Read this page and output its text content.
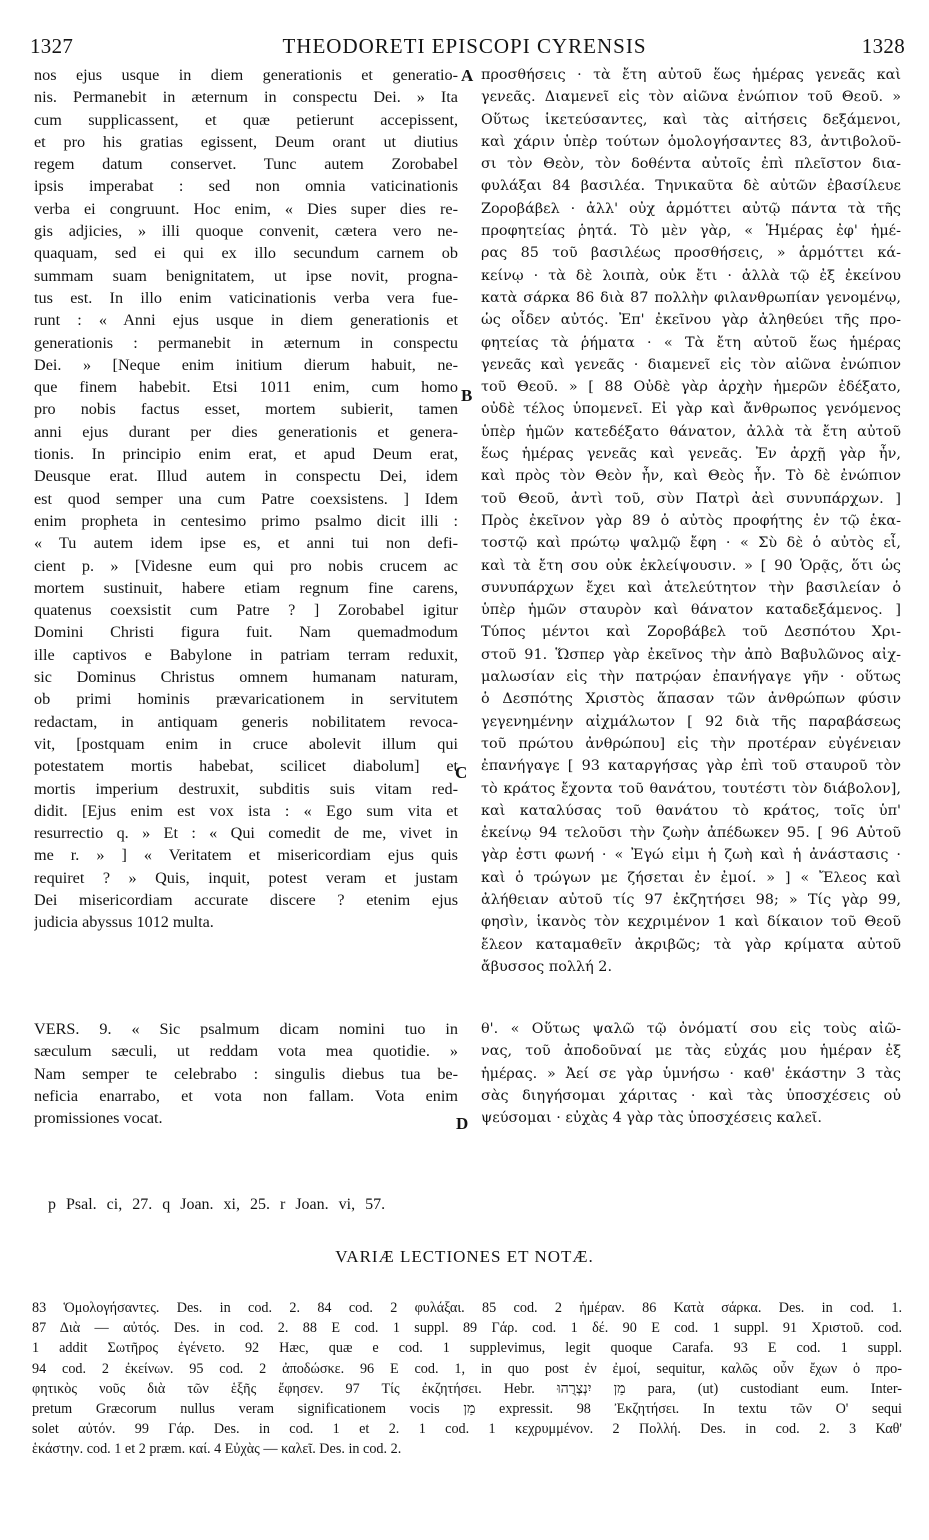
1327	THEODORETI EPISCOPI CYRENSIS	1328
nos ejus usque in diem generationis et generatio-
nis. Permanebit in æternum in conspectu Dei. » Ita
cum supplicassent, et quæ petierunt accepissent,
et pro his gratias egissent, Deum orant ut diutius
regem datum conservet. Tunc autem Zorobabel
ipsis imperabat : sed non omnia vaticinationis
verba ei congruunt. Hoc enim, « Dies super dies re-
gis adjicies, » illi quoque convenit, cætera vero ne-
quaquam, sed ei qui ex illo secundum carnem ob
summam suam benignitatem, ut ipse novit, progna-
tus est. In illo enim vaticinationis verba vera fue-
runt : « Anni ejus usque in diem generationis et
generationis : permanebit in æternum in conspectu
Dei. » [Neque enim initium dierum habuit, ne-
que finem habebit. Etsi 1011 enim, cum homo
pro nobis factus esset, mortem subierit, tamen
anni ejus durant per dies generationis et genera-
tionis. In principio enim erat, et apud Deum erat,
Deusque erat. Illud autem in conspectu Dei, idem
est quod semper una cum Patre coexsistens. ] Idem
enim propheta in centesimo primo psalmo dicit illi :
« Tu autem idem ipse es, et anni tui non defi-
cient p. » [Videsne eum qui pro nobis crucem ac
mortem sustinuit, habere etiam regnum fine carens,
quatenus coexsistit cum Patre ? ] Zorobabel igitur
Domini Christi figura fuit. Nam quemadmodum
ille captivos e Babylone in patriam terram reduxit,
sic Dominus Christus omnem humanam naturam,
ob primi hominis prævaricationem in servitutem
redactam, in antiquam generis nobilitatem revoca-
vit, [postquam enim in cruce abolevit illum qui
potestatem mortis habebat, scilicet diabolum] et
mortis imperium destruxit, subditis suis vitam red-
didit. [Ejus enim est vox ista : « Ego sum vita et
resurrectio q. » Et : « Qui comedit de me, vivet in
me r. » ] « Veritatem et misericordiam ejus quis
requiret ? » Quis, inquit, potest veram et justam
Dei misericordiam accurate discere ? etenim ejus
judicia abyssus 1012 multa.
προσθήσεις · τὰ ἔτη αὐτοῦ ἕως ἡμέρας γενεᾶς καὶ
γενεᾶς. Διαμενεῖ εἰς τὸν αἰῶνα ἐνώπιον τοῦ Θεοῦ. »
Οὕτως ἱκετεύσαντες, καὶ τὰς αἰτήσεις δεξάμενοι,
καὶ χάριν ὑπὲρ τούτων ὁμολογήσαντες 83, ἀντιβολοῦ-
σι τὸν Θεὸν, τὸν δοθέντα αὐτοῖς ἐπὶ πλεῖστον δια-
φυλάξαι 84 βασιλέα. Τηνικαῦτα δὲ αὐτῶν ἐβασίλευε
Ζοροβάβελ · ἀλλ' οὐχ ἁρμόττει αὐτῷ πάντα τὰ τῆς
προφητείας ῥητά. Τὸ μὲν γὰρ, « Ἡμέρας ἐφ' ἡμέ-
ρας 85 τοῦ βασιλέως προσθήσεις, » ἁρμόττει κά-
κείνῳ · τὰ δὲ λοιπὰ, οὐκ ἔτι · ἀλλὰ τῷ ἐξ ἐκείνου
κατὰ σάρκα 86 διὰ 87 πολλὴν φιλανθρωπίαν γενομένῳ,
ὡς οἶδεν αὐτός. Ἐπ' ἐκεῖνου γὰρ ἀληθεύει τῆς προ-
φητείας τὰ ῥήματα · « Τὰ ἔτη αὐτοῦ ἕως ἡμέρας
γενεᾶς καὶ γενεᾶς · διαμενεῖ εἰς τὸν αἰῶνα ἐνώπιον
τοῦ Θεοῦ. » [ 88 Οὐδὲ γὰρ ἀρχὴν ἡμερῶν ἐδέξατο,
οὐδὲ τέλος ὑπομενεῖ. Εἰ γὰρ καὶ ἄνθρωπος γενόμενος
ὑπὲρ ἡμῶν κατεδέξατο θάνατον, ἀλλὰ τὰ ἔτη αὐτοῦ
ἕως ἡμέρας γενεᾶς καὶ γενεᾶς. Ἐν ἀρχῇ γὰρ ἦν,
καὶ πρὸς τὸν Θεὸν ἦν, καὶ Θεὸς ἦν. Τὸ δὲ ἐνώπιον
τοῦ Θεοῦ, ἀντὶ τοῦ, σὺν Πατρὶ ἀεὶ συνυπάρχων. ]
Πρὸς ἐκεῖνον γὰρ 89 ὁ αὐτὸς προφήτης ἐν τῷ ἑκα-
τοστῷ καὶ πρώτῳ ψαλμῷ ἔφη · « Σὺ δὲ ὁ αὐτὸς εἶ,
καὶ τὰ ἔτη σου οὐκ ἐκλείψουσιν. » [ 90 Ὁρᾷς, ὅτι ὡς
συνυπάρχων ἔχει καὶ ἀτελεύτητον τὴν βασιλείαν ὁ
ὑπὲρ ἡμῶν σταυρὸν καὶ θάνατον καταδεξάμενος. ]
Τύπος μέντοι καὶ Ζοροβάβελ τοῦ Δεσπότου Χρι-
στοῦ 91. Ὥσπερ γὰρ ἐκεῖνος τὴν ἀπὸ Βαβυλῶνος αἰχ-
μαλωσίαν εἰς τὴν πατρῴαν ἐπανήγαγε γῆν · οὕτως
ὁ Δεσπότης Χριστὸς ἅπασαν τῶν ἀνθρώπων φύσιν
γεγενημένην αἰχμάλωτον [ 92 διὰ τῆς παραβάσεως
τοῦ πρώτου ἀνθρώπου] εἰς τὴν προτέραν εὐγένειαν
ἐπανήγαγε [ 93 καταργήσας γὰρ ἐπὶ τοῦ σταυροῦ τὸν
τὸ κράτος ἔχοντα τοῦ θανάτου, τουτέστι τὸν διάβολον],
καὶ καταλύσας τοῦ θανάτου τὸ κράτος, τοῖς ὑπ'
ἐκείνῳ 94 τελοῦσι τὴν ζωὴν ἀπέδωκεν 95. [ 96 Αὐτοῦ
γὰρ ἐστι φωνή · « Ἐγώ εἰμι ἡ ζωὴ καὶ ἡ ἀνάστασις ·
καὶ ὁ τρώγων με ζήσεται ἐν ἐμοί. » ] « Ἔλεος καὶ
ἀλήθειαν αὐτοῦ τίς 97 ἐκζητήσει 98; » Τίς γὰρ 99,
φησὶν, ἱκανὸς τὸν κεχριμένον 1 καὶ δίκαιον τοῦ Θεοῦ
ἔλεον καταμαθεῖν ἀκριβῶς; τὰ γὰρ κρίματα αὐτοῦ
ἄβυσσος πολλή 2.
A
B
C
D
VERS. 9. « Sic psalmum dicam nomini tuo in
sæculum sæculi, ut reddam vota mea quotidie. »
Nam semper te celebrabo : singulis diebus tua be-
neficia enarrabo, et vota non fallam. Vota enim
promissiones vocat.
θ'. « Οὕτως ψαλῶ τῷ ὀνόματί σου εἰς τοὺς αἰῶ-
νας, τοῦ ἀποδοῦναί με τὰς εὐχάς μου ἡμέραν ἐξ
ἡμέρας. » Ἀεί σε γὰρ ὑμνήσω · καθ' ἑκάστην 3 τὰς
σὰς διηγήσομαι χάριτας · καὶ τὰς ὑποσχέσεις οὐ
ψεύσομαι · εὐχὰς 4 γὰρ τὰς ὑποσχέσεις καλεῖ.
p Psal. ci, 27. q Joan. xi, 25. r Joan. vi, 57.
VARIÆ LECTIONES ET NOTÆ.
83 Ὁμολογήσαντες. Des. in cod. 2. 84 cod. 2 φυλάξαι. 85 cod. 2 ἡμέραν. 86 Κατὰ σάρκα. Des. in cod. 1.
87 Διὰ — αὐτός. Des. in cod. 2. 88 E cod. 1 suppl. 89 Γάρ. cod. 1 δέ. 90 E cod. 1 suppl. 91 Χριστοῦ. cod.
1 addit Σωτῆρος ἐγένετο. 92 Hæc, quæ e cod. 1 supplevimus, legit quoque Carafa. 93 E cod. 1 suppl.
94 cod. 2 ἐκείνων. 95 cod. 2 ἀποδώσκε. 96 E cod. 1, in quo post ἐν ἐμοί, sequitur, καλῶς οὖν ἔχων ὁ προ-
φητικὸς νοῦς διὰ τῶν ἑξῆς ἔφησεν. 97 Τίς ἐκζητήσει. Hebr. מַן יִנְצְרֻהוּ para, (ut) custodiant eum. Inter-
pretum Græcorum nullus veram significationem vocis מַן expressit. 98 Ἐκζητήσει. In textu τῶν Ο' sequi
solet αὐτόν. 99 Γάρ. Des. in cod. 1 et 2. 1 cod. 1 κεχρυμμένον. 2 Πολλή. Des. in cod. 2. 3 Καθ'
ἑκάστην. cod. 1 et 2 præm. καί. 4 Εὐχὰς — καλεῖ. Des. in cod. 2.
